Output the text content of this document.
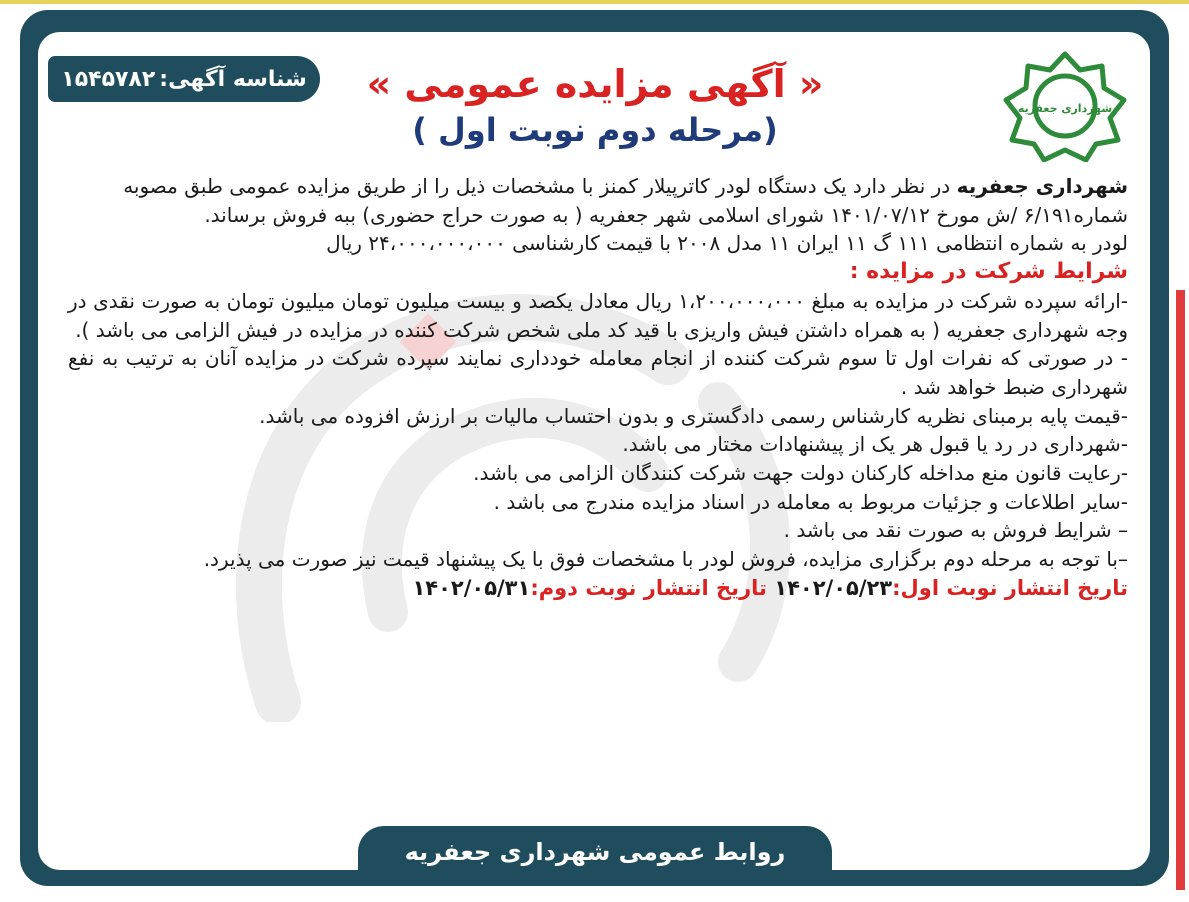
شناسه آگهی:
۱۵۴۵۷۸۲	« آگهی مزایده عمومی »
(مرحله دوم نوبت اول )
شهرداری جعفریه

شهرداری جعفریه در نظر دارد یک دستگاه لودر کاترپیلار کمنز با مشخصات ذیل را از طریق مزایده عمومی طبق مصوبه

شماره۶/۱۹۱ /ش مورخ ۱۴۰۱/۰۷/۱۲ شورای اسلامی شهر جعفریه ( به صورت حراج حضوری) ببه فروش برساند.

لودر به شماره انتظامی ۱۱۱ گ ۱۱ ایران ۱۱ مدل ۲۰۰۸ با قیمت کارشناسی ۲۴،۰۰۰،۰۰۰،۰۰۰ ریال

شرایط شرکت در مزایده :

-ارائه سپرده شرکت در مزایده به مبلغ ۱،۲۰۰،۰۰۰،۰۰۰ ریال معادل یکصد و بیست میلیون تومان میلیون تومان به صورت نقدی در وجه شهرداری جعفریه ( به همراه داشتن فیش واریزی با قید کد ملی شخص شرکت کننده در مزایده در فیش الزامی می باشد ).

- در صورتی که نفرات اول تا سوم شرکت کننده از انجام معامله خودداری نمایند سپرده شرکت در مزایده آنان به ترتیب به نفع شهرداری ضبط خواهد شد .

-قیمت پایه برمبنای نظریه کارشناس رسمی دادگستری و بدون احتساب مالیات بر ارزش افزوده می باشد.

-شهرداری در رد یا قبول هر یک از پیشنهادات مختار می باشد.

-رعایت قانون منع مداخله کارکنان دولت جهت شرکت کنندگان الزامی می باشد.

-سایر اطلاعات و جزئیات مربوط به معامله در اسناد مزایده مندرج می باشد .

– شرایط فروش به صورت نقد می باشد .

–با توجه به مرحله دوم برگزاری مزایده، فروش لودر با مشخصات فوق با یک پیشنهاد قیمت نیز صورت می پذیرد.

تاریخ انتشار نوبت اول:۱۴۰۲/۰۵/۲۳ تاریخ انتشار نوبت دوم:۱۴۰۲/۰۵/۳۱

روابط عمومی شهرداری جعفریه
